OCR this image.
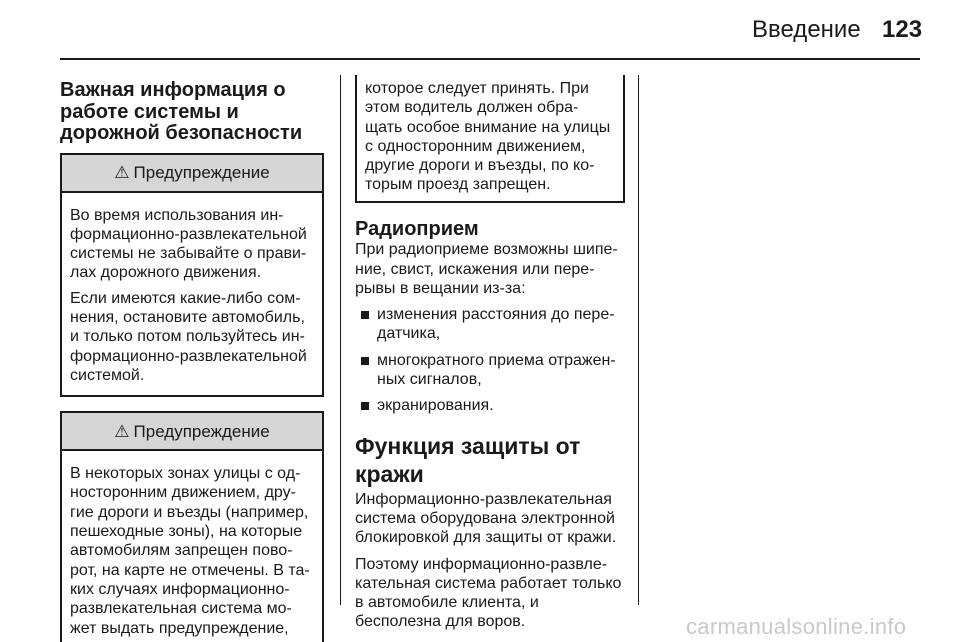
Введение 123
Важная информация о работе системы и дорожной безопасности
⚠ Предупреждение

Во время использования ин-формационно-развлекательной системы не забывайте о прави-лах дорожного движения.

Если имеются какие-либо сом-нения, остановите автомобиль, и только потом пользуйтесь ин-формационно-развлекательной системой.

⚠ Предупреждение

В некоторых зонах улицы с од-носторонним движением, дру-гие дороги и въезды (например, пешеходные зоны), на которые автомобилям запрещен пово-рот, на карте не отмечены. В та-ких случаях информационно-развлекательная система мо-жет выдать предупреждение,

которое следует принять. При этом водитель должен обра-щать особое внимание на улицы с односторонним движением, другие дороги и въезды, по ко-торым проезд запрещен.

Радиоприем

При радиоприеме возможны шипе-ние, свист, искажения или пере-рывы в вещании из-за:

изменения расстояния до пере-датчика,
многократного приема отражен-ных сигналов,
экранирования.
Функция защиты от кражи

Информационно-развлекательная система оборудована электронной блокировкой для защиты от кражи.

Поэтому информационно-развле-кательная система работает только в автомобиле клиента, и бесполезна для воров.	carmanualsonline.info
